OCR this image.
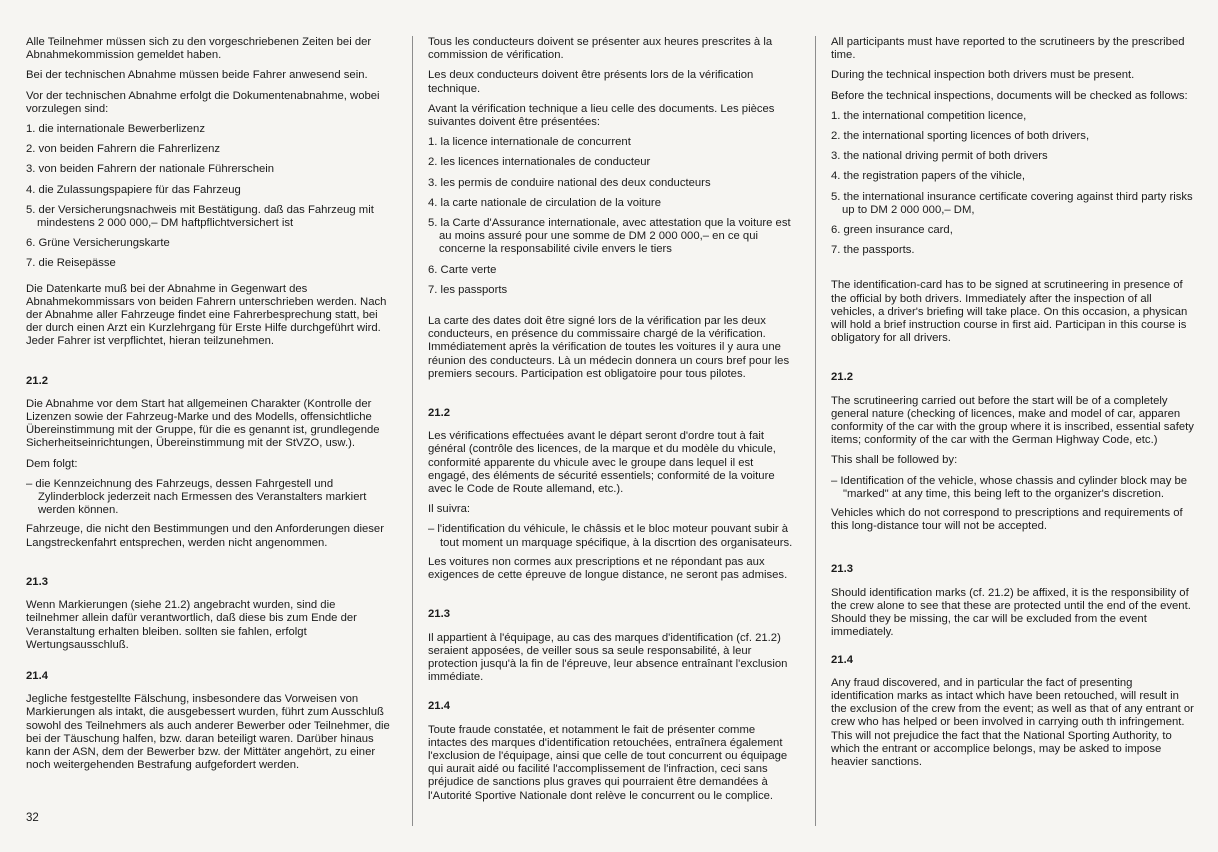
Alle Teilnehmer müssen sich zu den vorgeschriebenen Zeiten bei der Abnahmekommission gemeldet haben.

Bei der technischen Abnahme müssen beide Fahrer anwesend sein.

Vor der technischen Abnahme erfolgt die Dokumentenabnahme, wobei vorzulegen sind:

1. die internationale Bewerberlizenz
2. von beiden Fahrern die Fahrerlizenz
3. von beiden Fahrern der nationale Führerschein
4. die Zulassungspapiere für das Fahrzeug
5. der Versicherungsnachweis mit Bestätigung. daß das Fahrzeug mit mindestens 2 000 000,– DM haftpflichtversichert ist
6. Grüne Versicherungskarte
7. die Reisepässe

Die Datenkarte muß bei der Abnahme in Gegenwart des Abnahmekommissars von beiden Fahrern unterschrieben werden. Nach der Abnahme aller Fahrzeuge findet eine Fahrerbesprechung statt, bei der durch einen Arzt ein Kurzlehrgang für Erste Hilfe durchgeführt wird. Jeder Fahrer ist verpflichtet, hieran teilzunehmen.

21.2

Die Abnahme vor dem Start hat allgemeinen Charakter (Kontrolle der Lizenzen sowie der Fahrzeug-Marke und des Modells, offensichtliche Übereinstimmung mit der Gruppe, für die es genannt ist, grundlegende Sicherheitseinrichtungen, Übereinstimmung mit der StVZO, usw.).

Dem folgt:

– die Kennzeichnung des Fahrzeugs, dessen Fahrgestell und Zylinderblock jederzeit nach Ermessen des Veranstalters markiert werden können.

Fahrzeuge, die nicht den Bestimmungen und den Anforderungen dieser Langstreckenfahrt entsprechen, werden nicht angenommen.

21.3

Wenn Markierungen (siehe 21.2) angebracht wurden, sind die teilnehmer allein dafür verantwortlich, daß diese bis zum Ende der Veranstaltung erhalten bleiben. sollten sie fahlen, erfolgt Wertungsausschluß.

21.4

Jegliche festgestellte Fälschung, insbesondere das Vorweisen von Markierungen als intakt, die ausgebessert wurden, führt zum Ausschluß sowohl des Teilnehmers als auch anderer Bewerber oder Teilnehmer, die bei der Täuschung halfen, bzw. daran beteiligt waren. Darüber hinaus kann der ASN, dem der Bewerber bzw. der Mittäter angehört, zu einer noch weitergehenden Bestrafung aufgefordert werden.

Tous les conducteurs doivent se présenter aux heures prescrites à la commission de vérification.

Les deux conducteurs doivent être présents lors de la vérification technique.

Avant la vérification technique a lieu celle des documents. Les pièces suivantes doivent être présentées:

1. la licence internationale de concurrent
2. les licences internationales de conducteur
3. les permis de conduire national des deux conducteurs
4. la carte nationale de circulation de la voiture
5. la Carte d'Assurance internationale, avec attestation que la voiture est au moins assuré pour une somme de DM 2 000 000,– en ce qui concerne la responsabilité civile envers le tiers
6. Carte verte
7. les passports

La carte des dates doit être signé lors de la vérification par les deux conducteurs, en présence du commissaire chargé de la vérification. Immédiatement après la vérification de toutes les voitures il y aura une réunion des conducteurs. Là un médecin donnera un cours bref pour les premiers secours. Participation est obligatoire pour tous pilotes.

21.2

Les vérifications effectuées avant le départ seront d'ordre tout à fait général (contrôle des licences, de la marque et du modèle du vhicule, conformité apparente du vhicule avec le groupe dans lequel il est engagé, des éléments de sécurité essentiels; conformité de la voiture avec le Code de Route allemand, etc.).

Il suivra:

– l'identification du véhicule, le châssis et le bloc moteur pouvant subir à tout moment un marquage spécifique, à la discrtion des organisateurs.

Les voitures non cormes aux prescriptions et ne répondant pas aux exigences de cette épreuve de longue distance, ne seront pas admises.

21.3

Il appartient à l'équipage, au cas des marques d'identification (cf. 21.2) seraient apposées, de veiller sous sa seule responsabilité, à leur protection jusqu'à la fin de l'épreuve, leur absence entraînant l'exclusion immédiate.

21.4

Toute fraude constatée, et notamment le fait de présenter comme intactes des marques d'identification retouchées, entraînera également l'exclusion de l'équipage, ainsi que celle de tout concurrent ou équipage qui aurait aidé ou facilité l'accomplissement de l'infraction, ceci sans préjudice de sanctions plus graves qui pourraient être demandées à l'Autorité Sportive Nationale dont relève le concurrent ou le complice.

All participants must have reported to the scrutineers by the prescribed time.

During the technical inspection both drivers must be present.

Before the technical inspections, documents will be checked as follows:

1. the international competition licence,
2. the international sporting licences of both drivers,
3. the national driving permit of both drivers
4. the registration papers of the vihicle,
5. the international insurance certificate covering against third party risks up to DM 2 000 000,– DM,
6. green insurance card,
7. the passports.

The identification-card has to be signed at scrutineering in presence of the official by both drivers. Immediately after the inspection of all vehicles, a driver's briefing will take place. On this occasion, a physican will hold a brief instruction course in first aid. Participan in this course is obligatory for all drivers.

21.2

The scrutineering carried out before the start will be of a completely general nature (checking of licences, make and model of car, apparen conformity of the car with the group where it is inscribed, essential safety items; conformity of the car with the German Highway Code, etc.)

This shall be followed by:

– Identification of the vehicle, whose chassis and cylinder block may be "marked" at any time, this being left to the organizer's discretion.

Vehicles which do not correspond to prescriptions and requirements of this long-distance tour will not be accepted.

21.3

Should identification marks (cf. 21.2) be affixed, it is the responsibility of the crew alone to see that these are protected until the end of the event. Should they be missing, the car will be excluded from the event immediately.

21.4

Any fraud discovered, and in particular the fact of presenting identification marks as intact which have been retouched, will result in the exclusion of the crew from the event; as well as that of any entrant or crew who has helped or been involved in carrying outh th infringement. This will not prejudice the fact that the National Sporting Authority, to which the entrant or accomplice belongs, may be asked to impose heavier sanctions.

32
